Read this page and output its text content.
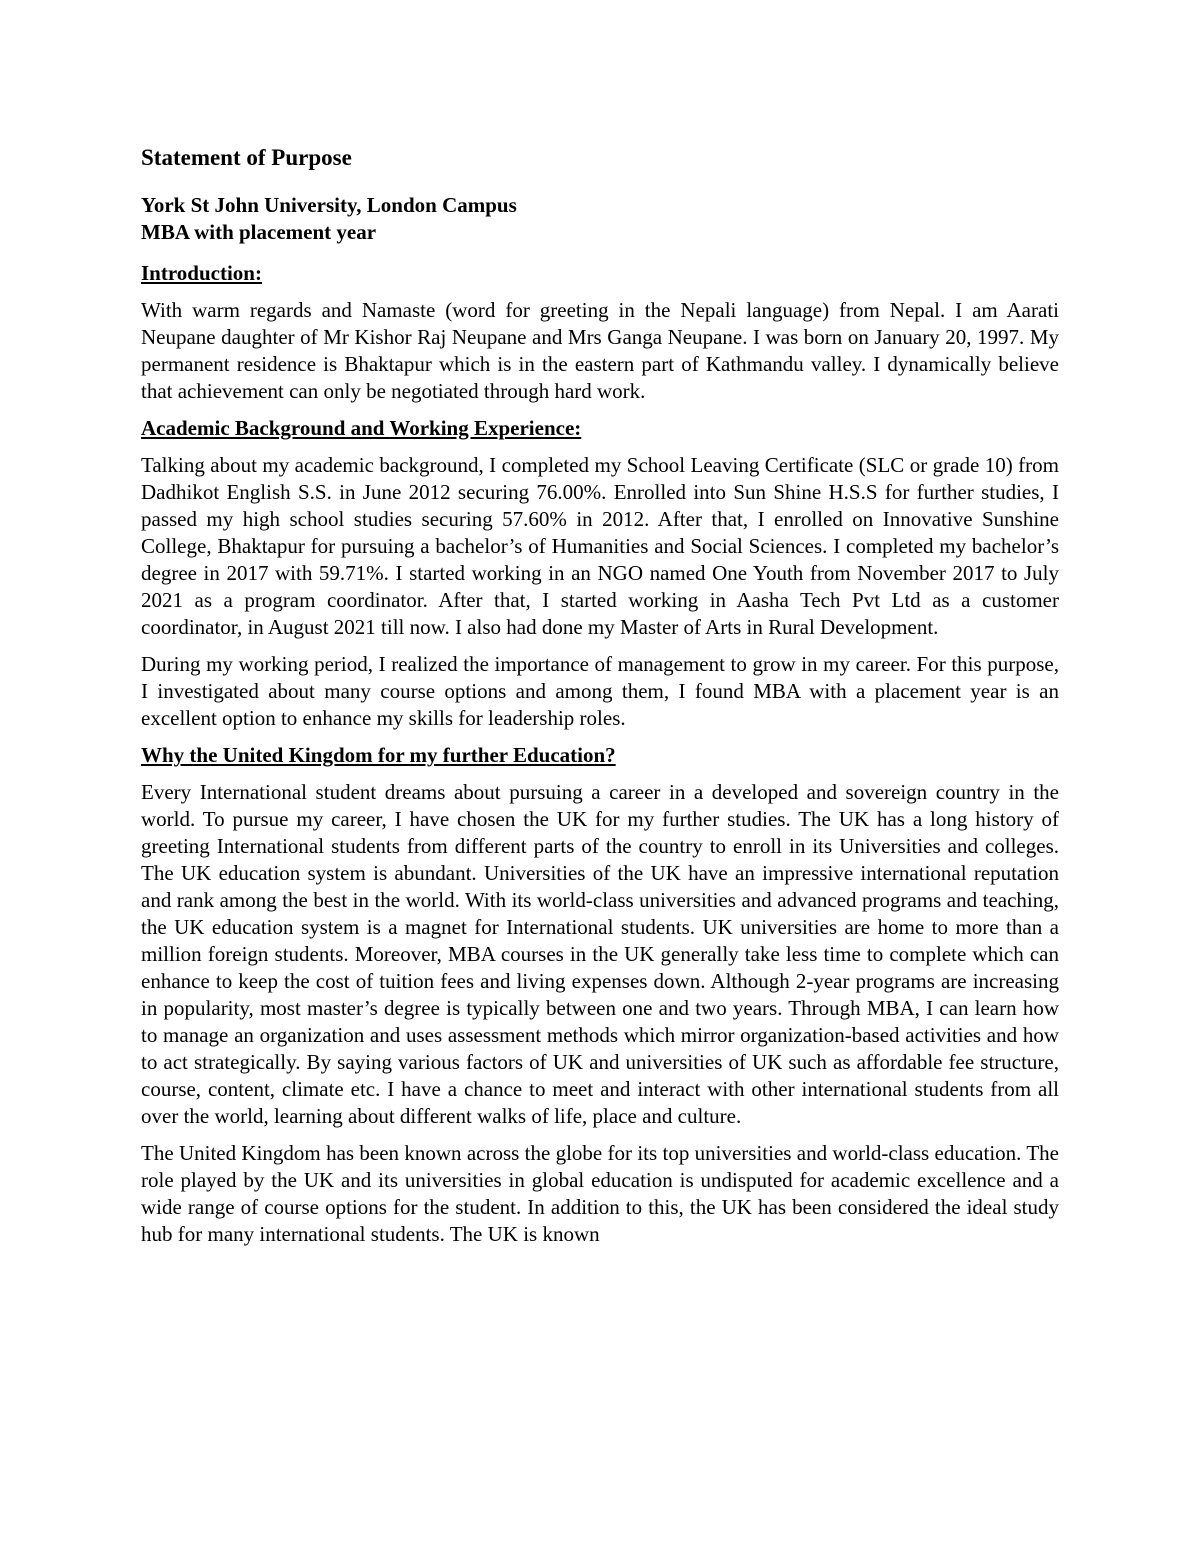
Statement of Purpose

York St John University, London Campus

MBA with placement year

Introduction:

With warm regards and Namaste (word for greeting in the Nepali language) from Nepal. I am Aarati Neupane daughter of Mr Kishor Raj Neupane and Mrs Ganga Neupane. I was born on January 20, 1997. My permanent residence is Bhaktapur which is in the eastern part of Kathmandu valley. I dynamically believe that achievement can only be negotiated through hard work.

Academic Background and Working Experience:

Talking about my academic background, I completed my School Leaving Certificate (SLC or grade 10) from Dadhikot English S.S. in June 2012 securing 76.00%. Enrolled into Sun Shine H.S.S for further studies, I passed my high school studies securing 57.60% in 2012. After that, I enrolled on Innovative Sunshine College, Bhaktapur for pursuing a bachelor’s of Humanities and Social Sciences. I completed my bachelor’s degree in 2017 with 59.71%. I started working in an NGO named One Youth from November 2017 to July 2021 as a program coordinator. After that, I started working in Aasha Tech Pvt Ltd as a customer coordinator, in August 2021 till now. I also had done my Master of Arts in Rural Development.

During my working period, I realized the importance of management to grow in my career. For this purpose, I investigated about many course options and among them, I found MBA with a placement year is an excellent option to enhance my skills for leadership roles.

Why the United Kingdom for my further Education?

Every International student dreams about pursuing a career in a developed and sovereign country in the world. To pursue my career, I have chosen the UK for my further studies. The UK has a long history of greeting International students from different parts of the country to enroll in its Universities and colleges. The UK education system is abundant. Universities of the UK have an impressive international reputation and rank among the best in the world. With its world-class universities and advanced programs and teaching, the UK education system is a magnet for International students. UK universities are home to more than a million foreign students. Moreover, MBA courses in the UK generally take less time to complete which can enhance to keep the cost of tuition fees and living expenses down. Although 2-year programs are increasing in popularity, most master’s degree is typically between one and two years. Through MBA, I can learn how to manage an organization and uses assessment methods which mirror organization-based activities and how to act strategically. By saying various factors of UK and universities of UK such as affordable fee structure, course, content, climate etc. I have a chance to meet and interact with other international students from all over the world, learning about different walks of life, place and culture.

The United Kingdom has been known across the globe for its top universities and world-class education. The role played by the UK and its universities in global education is undisputed for academic excellence and a wide range of course options for the student. In addition to this, the UK has been considered the ideal study hub for many international students. The UK is known
